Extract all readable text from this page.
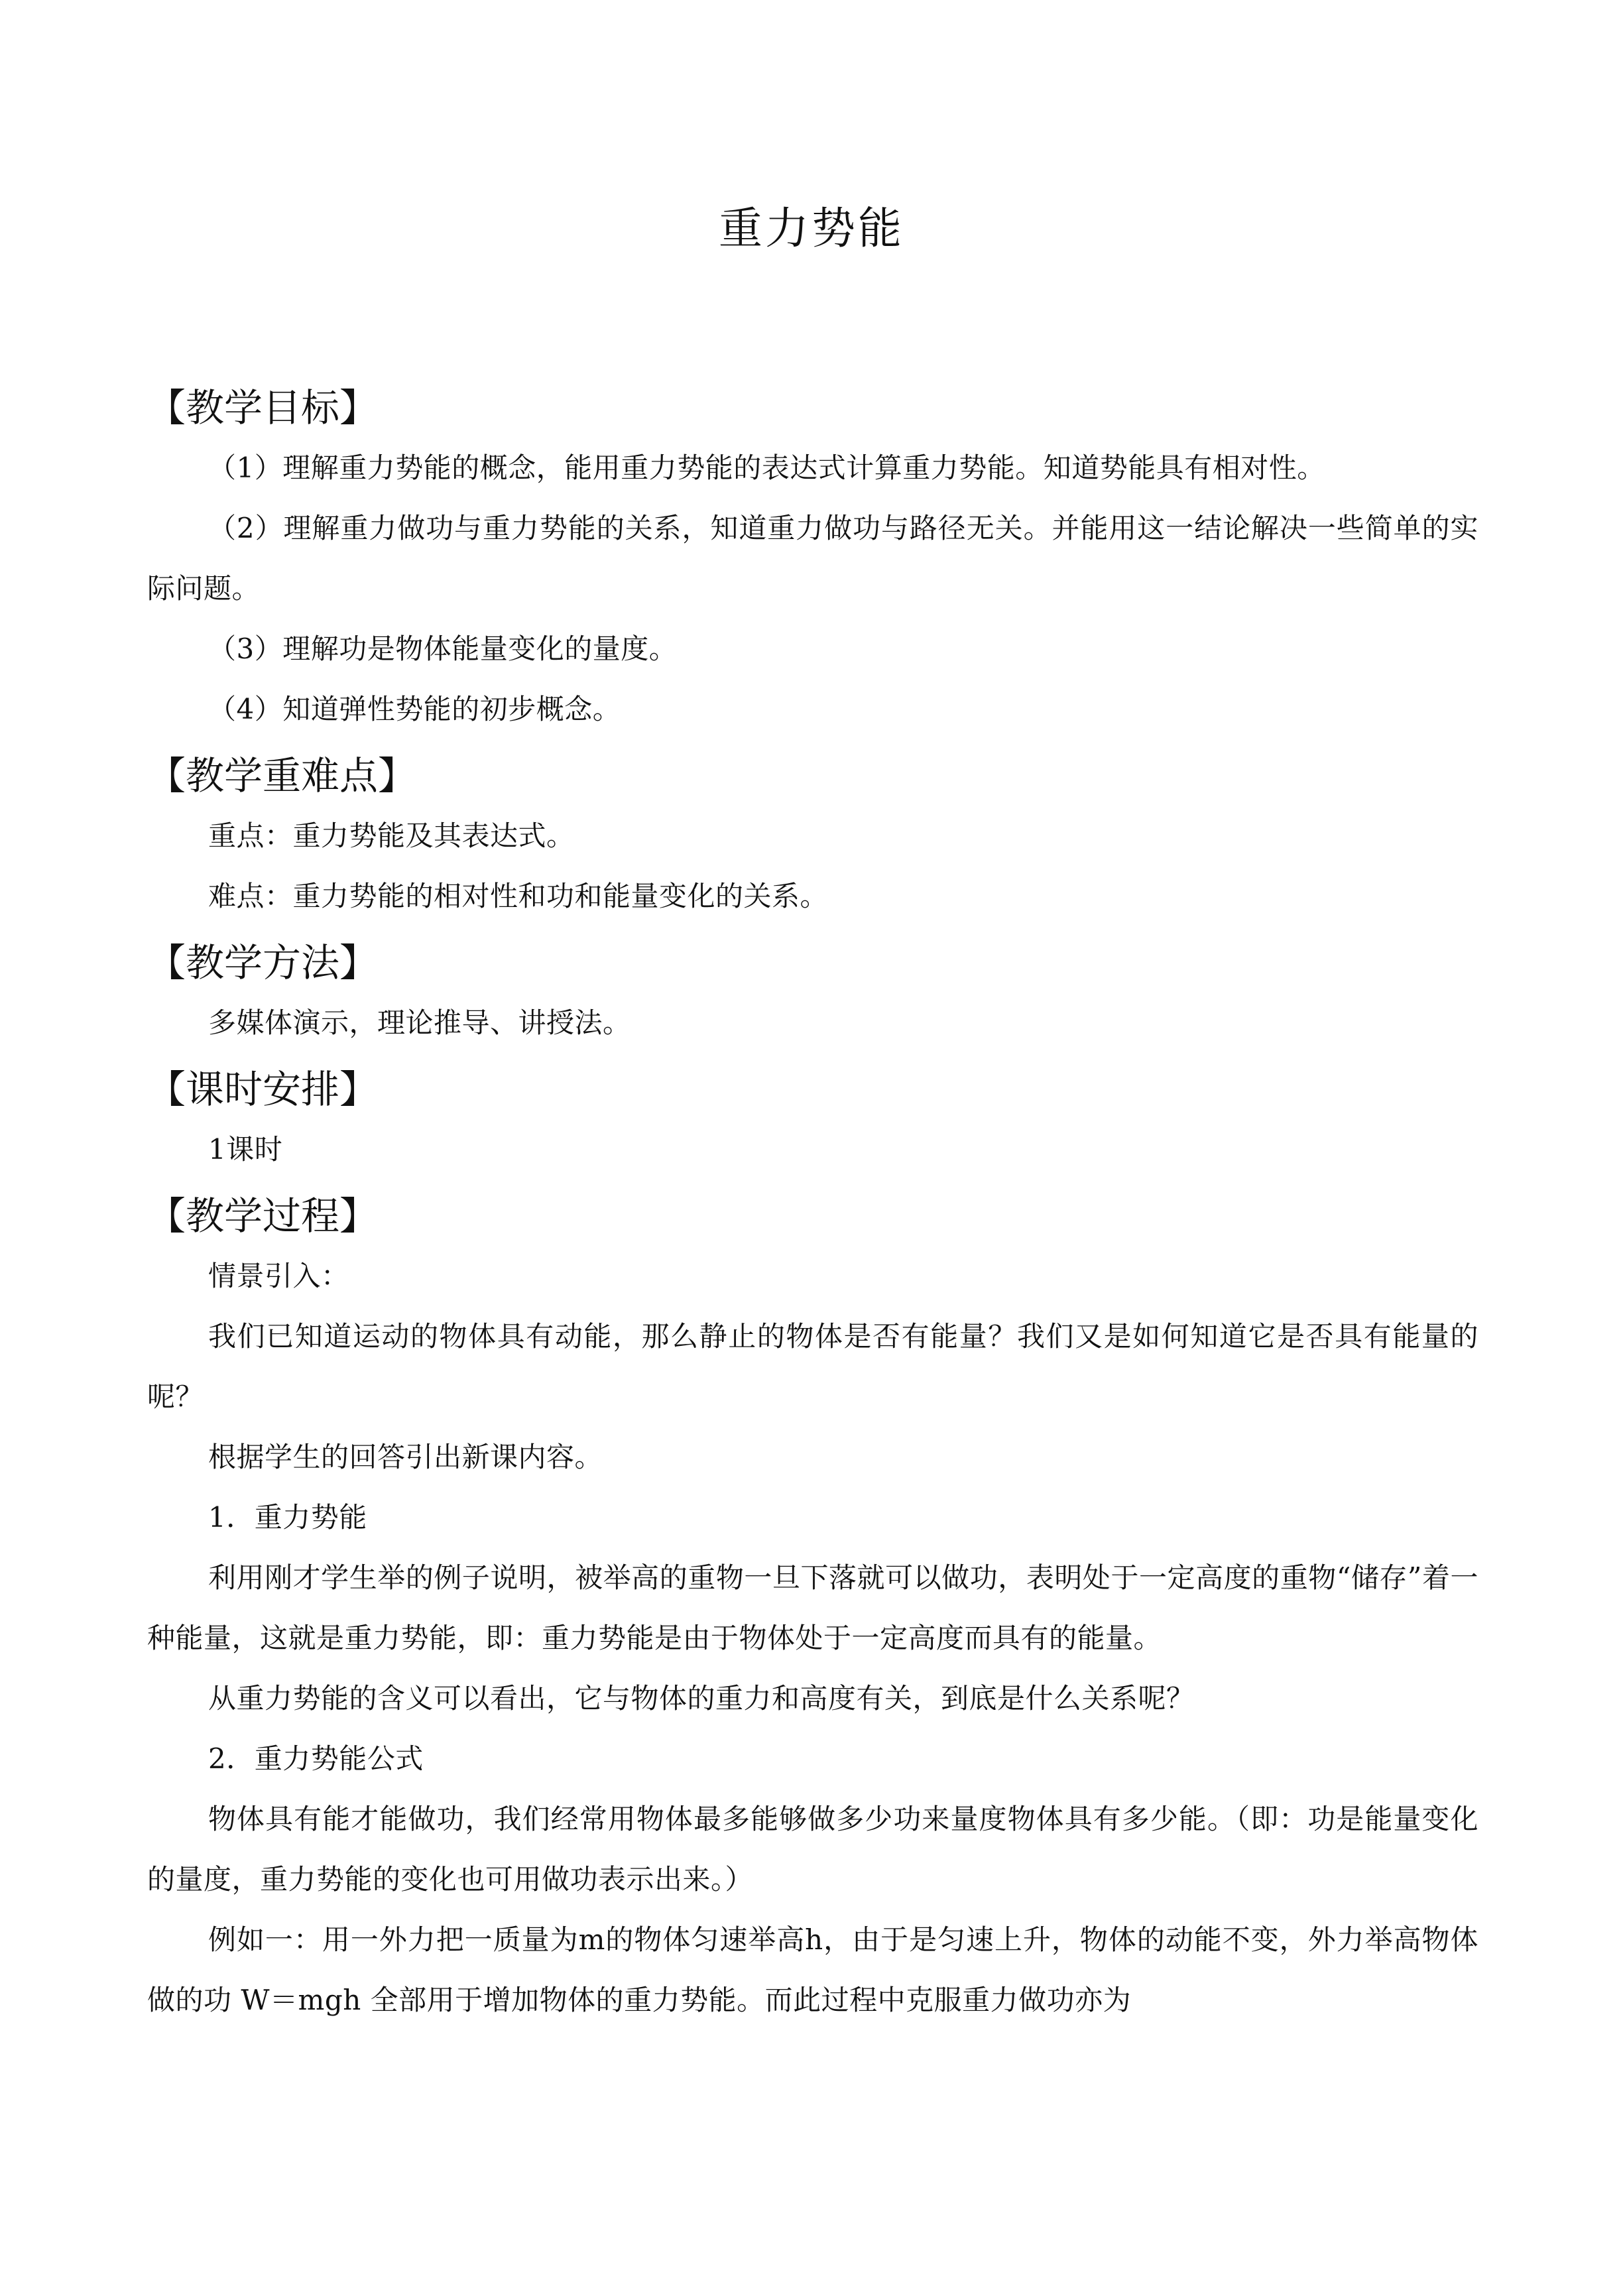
重力势能
【教学目标】

（1）理解重力势能的概念，能用重力势能的表达式计算重力势能。知道势能具有相对性。

（2）理解重力做功与重力势能的关系，知道重力做功与路径无关。并能用这一结论解决一些简单的实际问题。

（3）理解功是物体能量变化的量度。

（4）知道弹性势能的初步概念。

【教学重难点】

重点：重力势能及其表达式。

难点：重力势能的相对性和功和能量变化的关系。

【教学方法】

多媒体演示，理论推导、讲授法。

【课时安排】

1课时

【教学过程】

情景引入：

我们已知道运动的物体具有动能，那么静止的物体是否有能量？我们又是如何知道它是否具有能量的呢？

根据学生的回答引出新课内容。

1．重力势能

利用刚才学生举的例子说明，被举高的重物一旦下落就可以做功，表明处于一定高度的重物“储存”着一种能量，这就是重力势能，即：重力势能是由于物体处于一定高度而具有的能量。

从重力势能的含义可以看出，它与物体的重力和高度有关，到底是什么关系呢？

2．重力势能公式

物体具有能才能做功，我们经常用物体最多能够做多少功来量度物体具有多少能。（即：功是能量变化的量度，重力势能的变化也可用做功表示出来。）

例如一：用一外力把一质量为m的物体匀速举高h，由于是匀速上升，物体的动能不变，外力举高物体做的功 W＝mgh 全部用于增加物体的重力势能。而此过程中克服重力做功亦为
